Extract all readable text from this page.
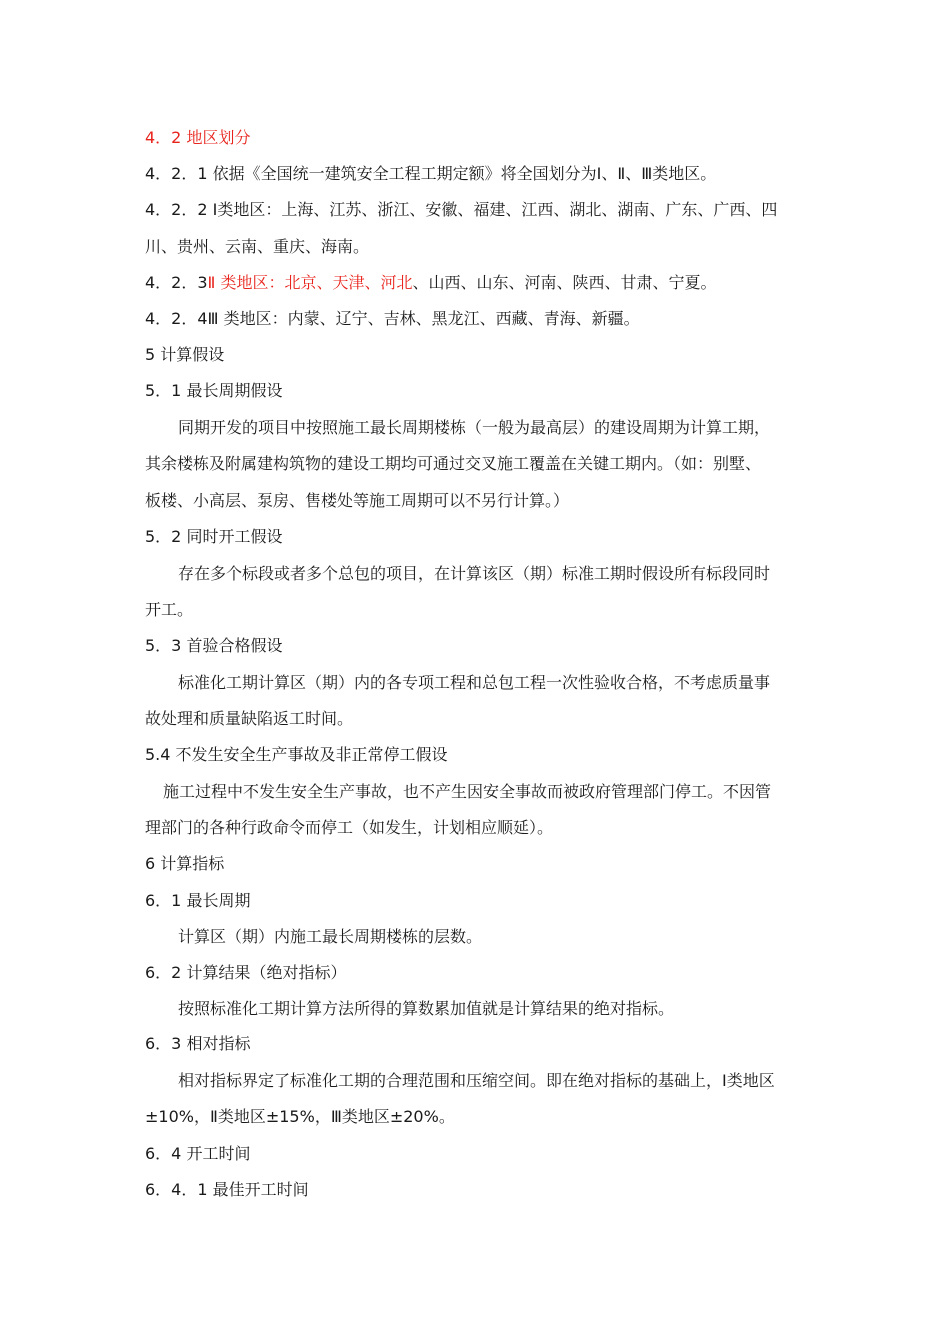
4．2 地区划分
4．2．1 依据《全国统一建筑安全工程工期定额》将全国划分为Ⅰ、Ⅱ、Ⅲ类地区。
4．2．2 Ⅰ类地区：上海、江苏、浙江、安徽、福建、江西、湖北、湖南、广东、广西、四
川、贵州、云南、重庆、海南。
4．2．3Ⅱ 类地区：北京、天津、河北、山西、山东、河南、陕西、甘肃、宁夏。
4．2．4Ⅲ 类地区：内蒙、辽宁、吉林、黑龙江、西藏、青海、新疆。
5 计算假设
5．1 最长周期假设
同期开发的项目中按照施工最长周期楼栋（一般为最高层）的建设周期为计算工期，
其余楼栋及附属建构筑物的建设工期均可通过交叉施工覆盖在关键工期内。（如：别墅、
板楼、小高层、泵房、售楼处等施工周期可以不另行计算。）
5．2 同时开工假设
存在多个标段或者多个总包的项目，在计算该区（期）标准工期时假设所有标段同时
开工。
5．3 首验合格假设
标准化工期计算区（期）内的各专项工程和总包工程一次性验收合格，不考虑质量事
故处理和质量缺陷返工时间。
5.4 不发生安全生产事故及非正常停工假设
施工过程中不发生安全生产事故，也不产生因安全事故而被政府管理部门停工。不因管
理部门的各种行政命令而停工（如发生，计划相应顺延）。
6 计算指标
6．1 最长周期
计算区（期）内施工最长周期楼栋的层数。
6．2 计算结果（绝对指标）
按照标准化工期计算方法所得的算数累加值就是计算结果的绝对指标。
6．3 相对指标
相对指标界定了标准化工期的合理范围和压缩空间。即在绝对指标的基础上，Ⅰ类地区
±10%，Ⅱ类地区±15%，Ⅲ类地区±20%。
6．4 开工时间
6．4．1 最佳开工时间
